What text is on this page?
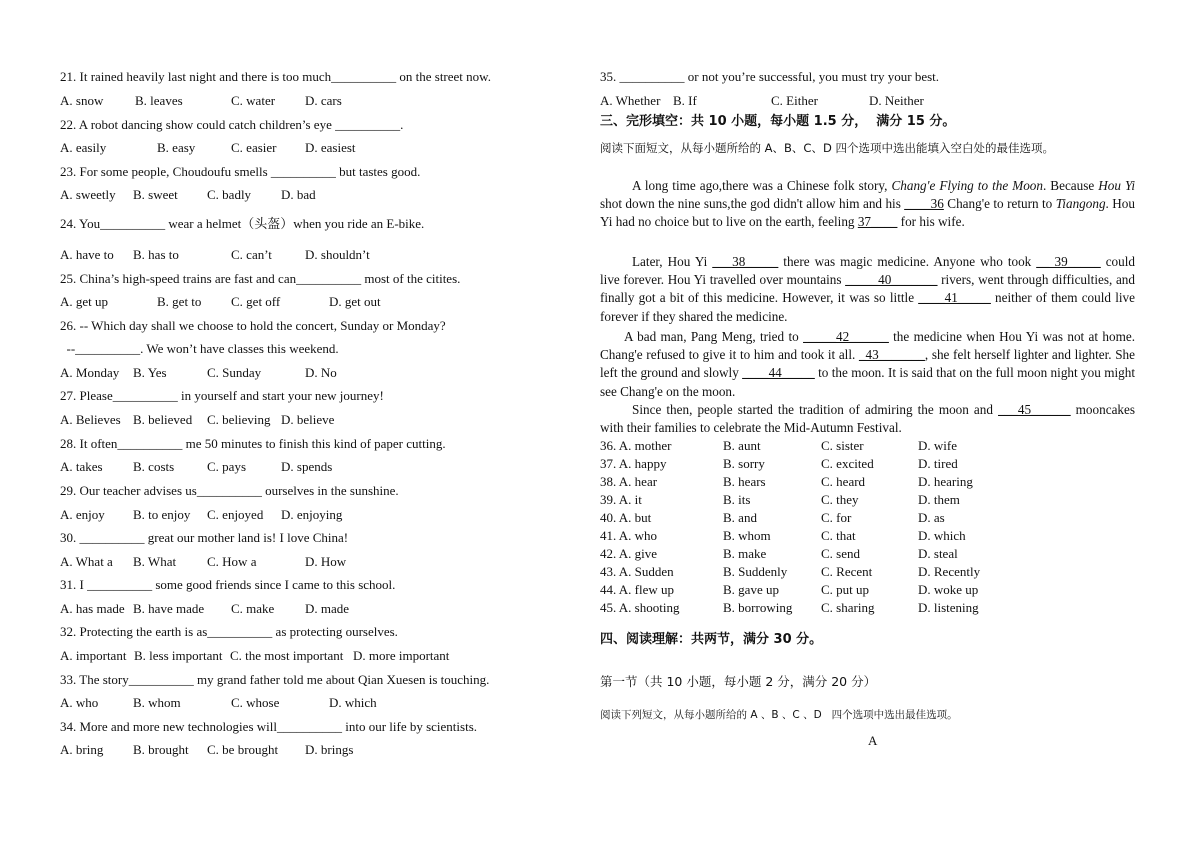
21. It rained heavily last night and there is too much__________ on the street now.
A. snow B. leaves	C. water D. cars
22. A robot dancing show could catch children’s eye __________.
A. easily	B. easy	C. easier D. easiest
23. For some people, Choudoufu smells __________ but tastes good.
A. sweetly B. sweet C. badly D. bad
24. You__________ wear a helmet（头盔）when you ride an E-bike.
A. have to B. has to	C. can’t	D. shouldn’t
25. China’s high-speed trains are fast and can__________ most of the citites.
A. get up	B. get to C. get off	D. get out
26. -- Which day shall we choose to hold the concert, Sunday or Monday?
--__________. We won’t have classes this weekend.
A. Monday B. Yes	C. Sunday	D. No
27. Please__________ in yourself and start your new journey!
A. Believes B. believed C. believing D. believe
28. It often__________ me 50 minutes to finish this kind of paper cutting.
A. takes B. costs	C. pays	D. spends
29. Our teacher advises us__________ ourselves in the sunshine.
A. enjoy B. to enjoy C. enjoyed D. enjoying
30. __________ great our mother land is! I love China!
A. What a B. What C. How a	D. How
31. I __________ some good friends since I came to this school.
A. has made B. have made C. make D. made
32. Protecting the earth is as__________ as protecting ourselves.
A. important B. less important C. the most important D. more important
33. The story__________ my grand father told me about Qian Xuesen is touching.
A. who	B. whom	C. whose	D. which
34. More and more new technologies will__________ into our life by scientists.
A. bring B. brought C. be brought D. brings
35. __________ or not you’re successful, you must try your best.
A. Whether B. If	C. Either	D. Neither
三、完形填空：共 10 小题，每小题 1.5 分，  满分 15 分。
阅读下面短文，从每小题所给的 A、B、C、D 四个选项中选出能填入空白处的最佳选项。

A long time ago,there was a Chinese folk story, Chang'e Flying to the Moon. Because Hou Yi shot down the nine suns,the god didn't allow him and his ____36 Chang'e to return to Tiangong. Hou Yi had no choice but to live on the earth, feeling 37____ for his wife.

Later, Hou Yi ___38_____ there was magic medicine. Anyone who took __ 39_____ could live forever. Hou Yi travelled over mountains _____40_______ rivers, went through difficulties, and finally got a bit of this medicine. However, it was so little ____41_____ neither of them could live forever if they shared the medicine.

A bad man, Pang Meng, tried to _____42______ the medicine when Hou Yi was not at home. Chang'e refused to give it to him and took it all. _43_______, she felt herself lighter and lighter. She left the ground and slowly ____44_____ to the moon. It is said that on the full moon night you might see Chang'e on the moon.

Since then, people started the tradition of admiring the moon and ___45______ mooncakes with their families to celebrate the Mid-Autumn Festival.

36. A. mother	B. aunt	C. sister	D. wife
37. A. happy	B. sorry	C. excited	D. tired
38. A. hear	B. hears	C. heard	D. hearing
39. A. it	B. its	C. they	D. them
40. A. but	B. and	C. for	D. as
41. A. who	B. whom	C. that	D. which
42. A. give	B. make	C. send	D. steal
43. A. Sudden	B. Suddenly	C. Recent	D. Recently
44. A. flew up	B. gave up	C. put up	D. woke up
45. A. shooting	B. borrowing C. sharing	D. listening
四、阅读理解：共两节，满分 30 分。
第一节（共 10 小题，每小题 2 分，满分 20 分）
阅读下列短文，从每小题所给的 A 、B 、C 、D   四个选项中选出最佳选项。
A
